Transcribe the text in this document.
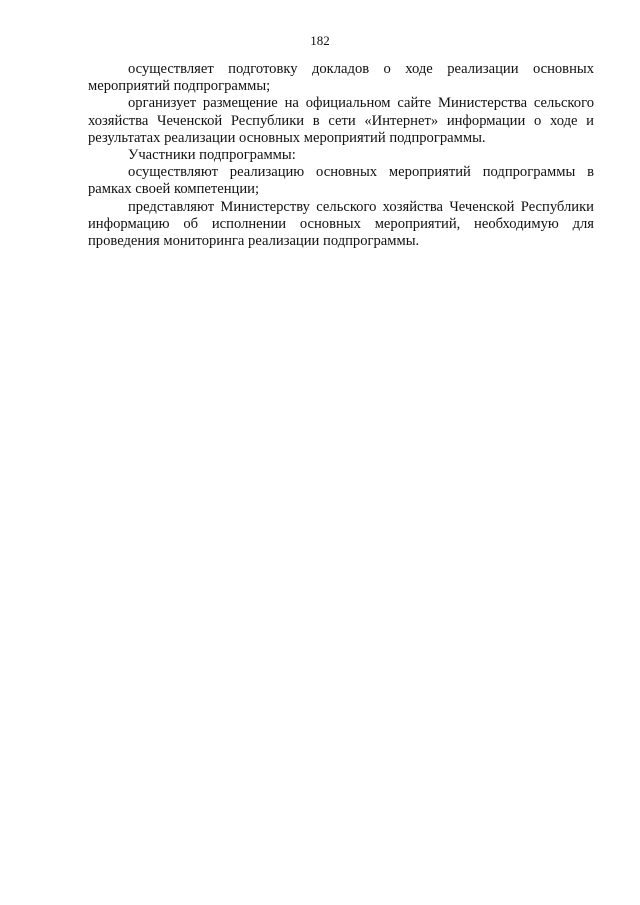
182

осуществляет подготовку докладов о ходе реализации основных мероприятий подпрограммы;

организует размещение на официальном сайте Министерства сельского хозяйства Чеченской Республики в сети «Интернет» информации о ходе и результатах реализации основных мероприятий подпрограммы.

Участники подпрограммы:

осуществляют реализацию основных мероприятий подпрограммы в рамках своей компетенции;

представляют Министерству сельского хозяйства Чеченской Республики информацию об исполнении основных мероприятий, необходимую для проведения мониторинга реализации подпрограммы.
